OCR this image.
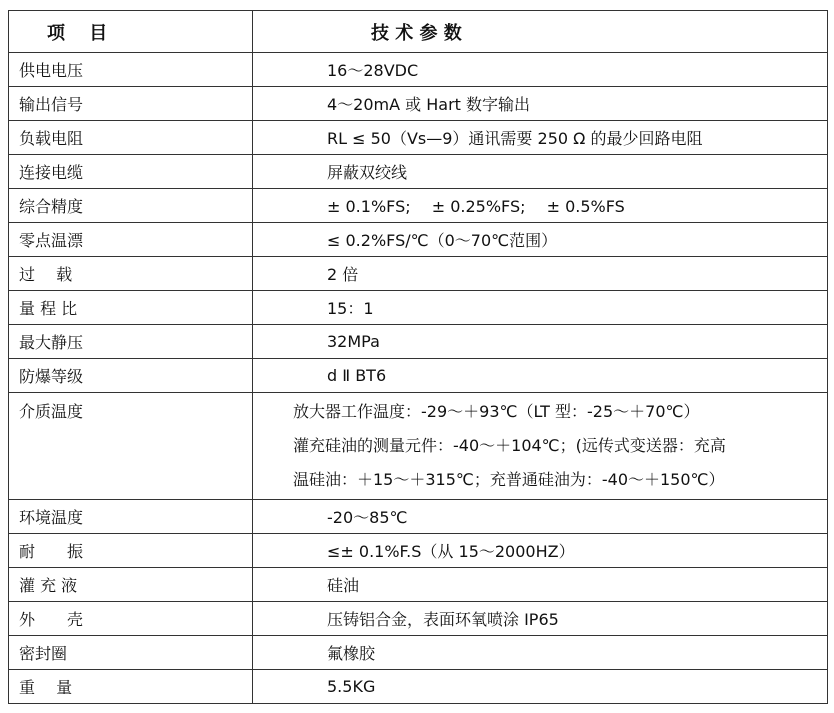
项　 目	技 术 参 数
供电电压	16～28VDC
输出信号	4～20mA 或 Hart 数字输出
负载电阻	RL ≤ 50（Vs—9）通讯需要 250 Ω 的最少回路电阻
连接电缆	屏蔽双绞线
综合精度	± 0.1%FS;　 ± 0.25%FS;　 ± 0.5%FS
零点温漂	≤ 0.2%FS/℃（0～70℃范围）
过　 载	2 倍
量 程 比	15：1
最大静压	32MPa
防爆等级	d Ⅱ BT6
介质温度	放大器工作温度：-29～＋93℃（LT 型：-25～＋70℃）
灌充硅油的测量元件：-40～＋104℃；(远传式变送器：充高
温硅油：＋15～＋315℃；充普通硅油为：-40～＋150℃）

环境温度	-20～85℃
耐　　振	≤± 0.1%F.S（从 15～2000HZ）
灌 充 液	硅油
外　　壳	压铸铝合金，表面环氧喷涂 IP65
密封圈	氟橡胶
重　 量	5.5KG
